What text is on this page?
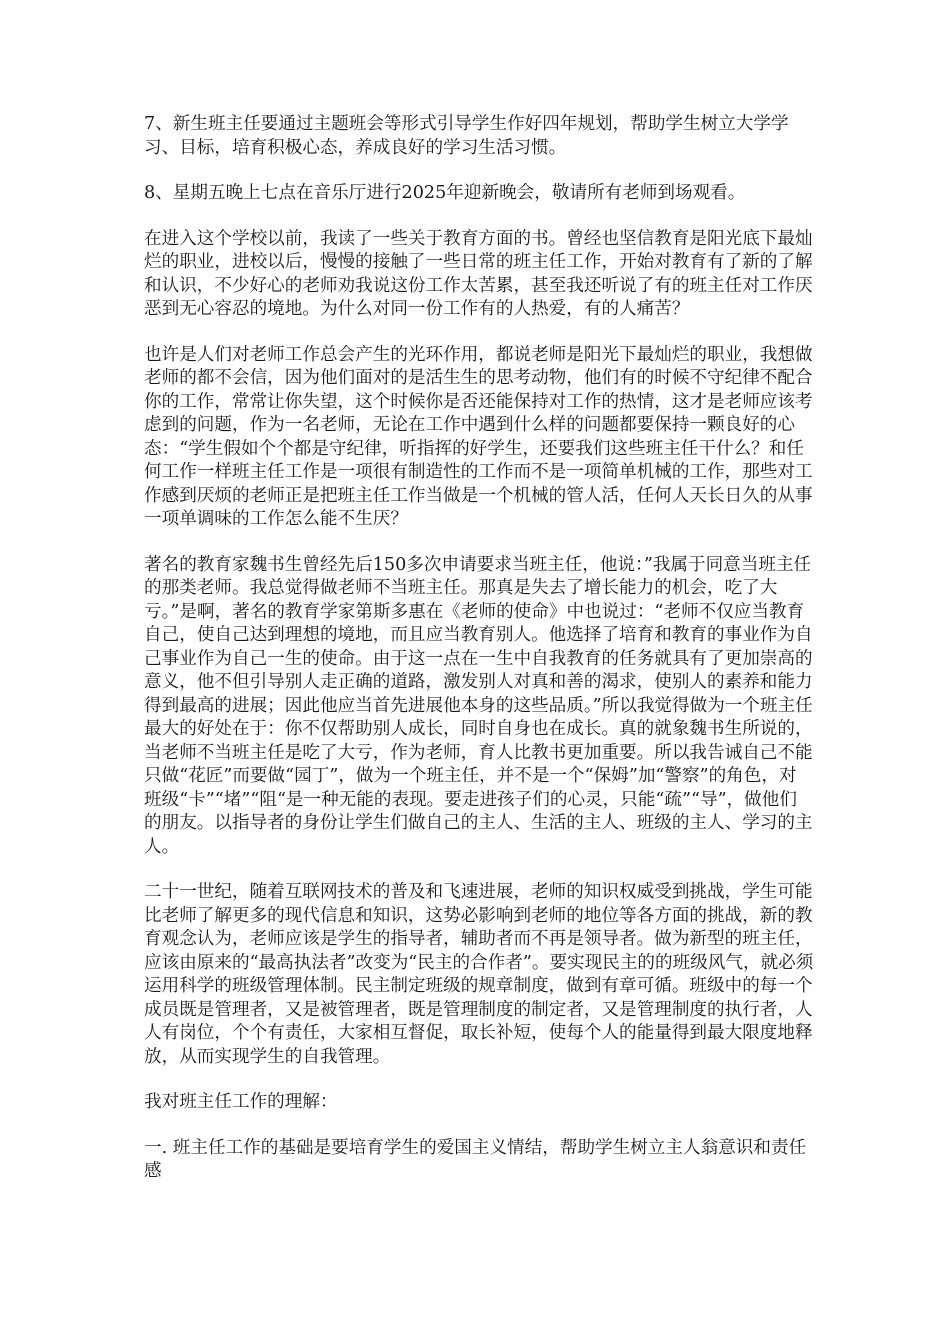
7、新生班主任要通过主题班会等形式引导学生作好四年规划，帮助学生树立大学学习、目标，培育积极心态，养成良好的学习生活习惯。

8、星期五晚上七点在音乐厅进行2025年迎新晚会，敬请所有老师到场观看。

在进入这个学校以前，我读了一些关于教育方面的书。曾经也坚信教育是阳光底下最灿烂的职业，进校以后，慢慢的接触了一些日常的班主任工作，开始对教育有了新的了解和认识，不少好心的老师劝我说这份工作太苦累，甚至我还听说了有的班主任对工作厌恶到无心容忍的境地。为什么对同一份工作有的人热爱，有的人痛苦？

也许是人们对老师工作总会产生的光环作用，都说老师是阳光下最灿烂的职业，我想做老师的都不会信，因为他们面对的是活生生的思考动物，他们有的时候不守纪律不配合你的工作，常常让你失望，这个时候你是否还能保持对工作的热情，这才是老师应该考虑到的问题，作为一名老师，无论在工作中遇到什么样的问题都要保持一颗良好的心态：“学生假如个个都是守纪律，听指挥的好学生，还要我们这些班主任干什么？和任何工作一样班主任工作是一项很有制造性的工作而不是一项简单机械的工作，那些对工作感到厌烦的老师正是把班主任工作当做是一个机械的管人活，任何人天长日久的从事一项单调味的工作怎么能不生厌？

著名的教育家魏书生曾经先后150多次申请要求当班主任，他说：”我属于同意当班主任的那类老师。我总觉得做老师不当班主任。那真是失去了增长能力的机会，吃了大亏。”是啊，著名的教育学家第斯多惠在《老师的使命》中也说过：“老师不仅应当教育自己，使自己达到理想的境地，而且应当教育别人。他选择了培育和教育的事业作为自己事业作为自己一生的使命。由于这一点在一生中自我教育的任务就具有了更加崇高的意义，他不但引导别人走正确的道路，激发别人对真和善的渴求，使别人的素养和能力得到最高的进展；因此他应当首先进展他本身的这些品质。”所以我觉得做为一个班主任最大的好处在于：你不仅帮助别人成长，同时自身也在成长。真的就象魏书生所说的，当老师不当班主任是吃了大亏，作为老师，育人比教书更加重要。所以我告诫自己不能只做“花匠”而要做“园丁”，做为一个班主任，并不是一个“保姆”加“警察”的角色，对班级“卡”“堵”“阻“是一种无能的表现。要走进孩子们的心灵，只能“疏”“导”，做他们的朋友。以指导者的身份让学生们做自己的主人、生活的主人、班级的主人、学习的主人。

二十一世纪，随着互联网技术的普及和飞速进展，老师的知识权威受到挑战，学生可能比老师了解更多的现代信息和知识，这势必影响到老师的地位等各方面的挑战，新的教育观念认为，老师应该是学生的指导者，辅助者而不再是领导者。做为新型的班主任，应该由原来的“最高执法者”改变为“民主的合作者”。要实现民主的的班级风气，就必须运用科学的班级管理体制。民主制定班级的规章制度，做到有章可循。班级中的每一个成员既是管理者，又是被管理者，既是管理制度的制定者，又是管理制度的执行者，人人有岗位，个个有责任，大家相互督促，取长补短，使每个人的能量得到最大限度地释放，从而实现学生的自我管理。

我对班主任工作的理解：

一. 班主任工作的基础是要培育学生的爱国主义情结，帮助学生树立主人翁意识和责任感
